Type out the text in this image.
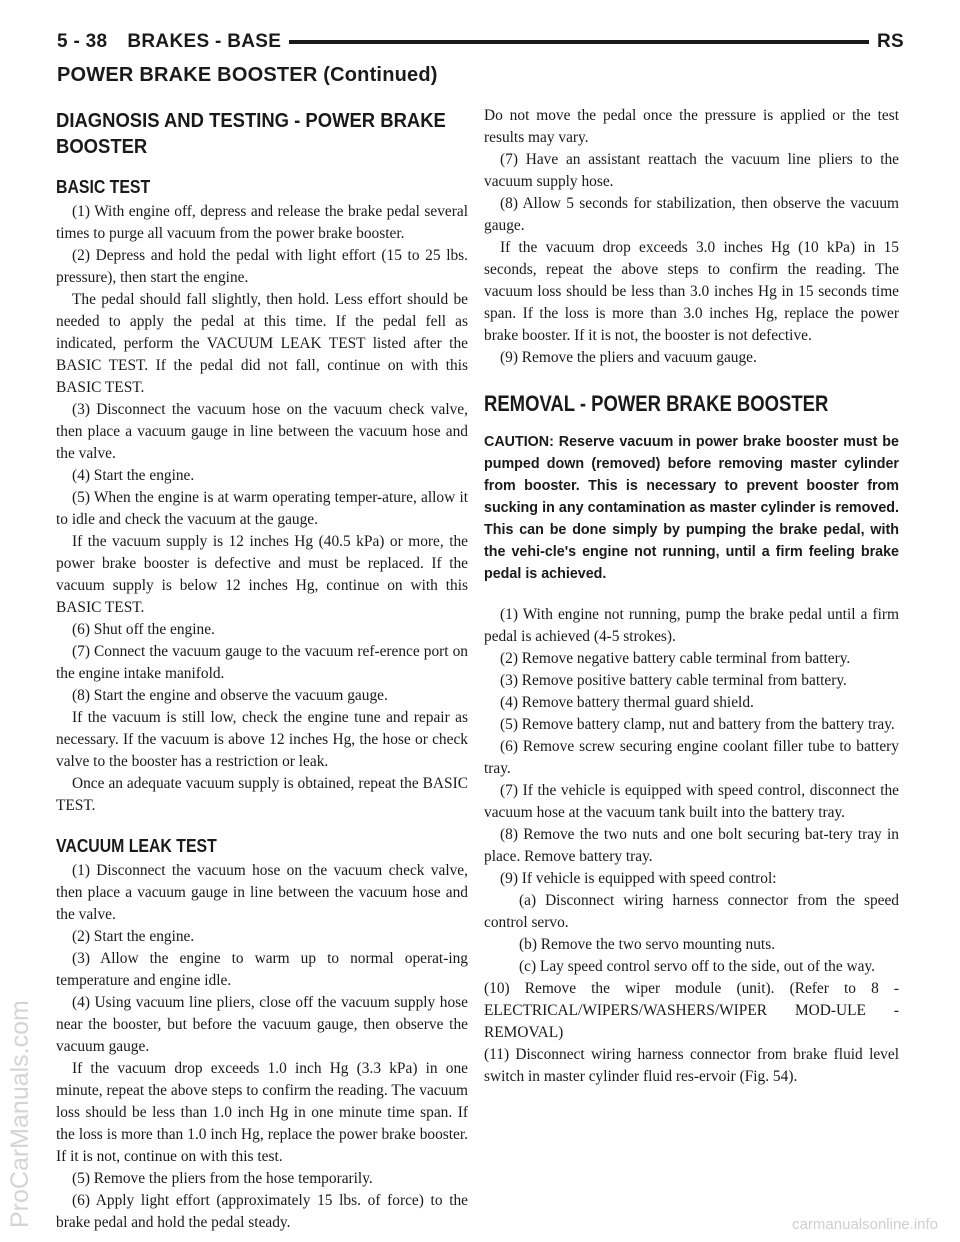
5 - 38 BRAKES - BASE	RS
POWER BRAKE BOOSTER (Continued)
DIAGNOSIS AND TESTING - POWER BRAKE
BOOSTER
BASIC TEST

(1) With engine off, depress and release the brake pedal several times to purge all vacuum from the power brake booster.

(2) Depress and hold the pedal with light effort (15 to 25 lbs. pressure), then start the engine.

The pedal should fall slightly, then hold. Less effort should be needed to apply the pedal at this time. If the pedal fell as indicated, perform the VACUUM LEAK TEST listed after the BASIC TEST. If the pedal did not fall, continue on with this BASIC TEST.

(3) Disconnect the vacuum hose on the vacuum check valve, then place a vacuum gauge in line between the vacuum hose and the valve.

(4) Start the engine.

(5) When the engine is at warm operating temper-ature, allow it to idle and check the vacuum at the gauge.

If the vacuum supply is 12 inches Hg (40.5 kPa) or more, the power brake booster is defective and must be replaced. If the vacuum supply is below 12 inches Hg, continue on with this BASIC TEST.

(6) Shut off the engine.

(7) Connect the vacuum gauge to the vacuum ref-erence port on the engine intake manifold.

(8) Start the engine and observe the vacuum gauge.

If the vacuum is still low, check the engine tune and repair as necessary. If the vacuum is above 12 inches Hg, the hose or check valve to the booster has a restriction or leak.

Once an adequate vacuum supply is obtained, repeat the BASIC TEST.

VACUUM LEAK TEST

(1) Disconnect the vacuum hose on the vacuum check valve, then place a vacuum gauge in line between the vacuum hose and the valve.

(2) Start the engine.

(3) Allow the engine to warm up to normal operat-ing temperature and engine idle.

(4) Using vacuum line pliers, close off the vacuum supply hose near the booster, but before the vacuum gauge, then observe the vacuum gauge.

If the vacuum drop exceeds 1.0 inch Hg (3.3 kPa) in one minute, repeat the above steps to confirm the reading. The vacuum loss should be less than 1.0 inch Hg in one minute time span. If the loss is more than 1.0 inch Hg, replace the power brake booster. If it is not, continue on with this test.

(5) Remove the pliers from the hose temporarily.

(6) Apply light effort (approximately 15 lbs. of force) to the brake pedal and hold the pedal steady.

Do not move the pedal once the pressure is applied or the test results may vary.

(7) Have an assistant reattach the vacuum line pliers to the vacuum supply hose.

(8) Allow 5 seconds for stabilization, then observe the vacuum gauge.

If the vacuum drop exceeds 3.0 inches Hg (10 kPa) in 15 seconds, repeat the above steps to confirm the reading. The vacuum loss should be less than 3.0 inches Hg in 15 seconds time span. If the loss is more than 3.0 inches Hg, replace the power brake booster. If it is not, the booster is not defective.

(9) Remove the pliers and vacuum gauge.

REMOVAL - POWER BRAKE BOOSTER
CAUTION: Reserve vacuum in power brake booster must be pumped down (removed) before removing master cylinder from booster. This is necessary to prevent booster from sucking in any contamination as master cylinder is removed. This can be done simply by pumping the brake pedal, with the vehi-cle's engine not running, until a firm feeling brake pedal is achieved.

(1) With engine not running, pump the brake pedal until a firm pedal is achieved (4-5 strokes).

(2) Remove negative battery cable terminal from battery.

(3) Remove positive battery cable terminal from battery.

(4) Remove battery thermal guard shield.

(5) Remove battery clamp, nut and battery from the battery tray.

(6) Remove screw securing engine coolant filler tube to battery tray.

(7) If the vehicle is equipped with speed control, disconnect the vacuum hose at the vacuum tank built into the battery tray.

(8) Remove the two nuts and one bolt securing bat-tery tray in place. Remove battery tray.

(9) If vehicle is equipped with speed control:

(a) Disconnect wiring harness connector from the speed control servo.

(b) Remove the two servo mounting nuts.

(c) Lay speed control servo off to the side, out of the way.

(10) Remove the wiper module (unit). (Refer to 8 - ELECTRICAL/WIPERS/WASHERS/WIPER MOD-ULE - REMOVAL)

(11) Disconnect wiring harness connector from brake fluid level switch in master cylinder fluid res-ervoir (Fig. 54).

ProCarManuals.com	carmanualsonline.info
